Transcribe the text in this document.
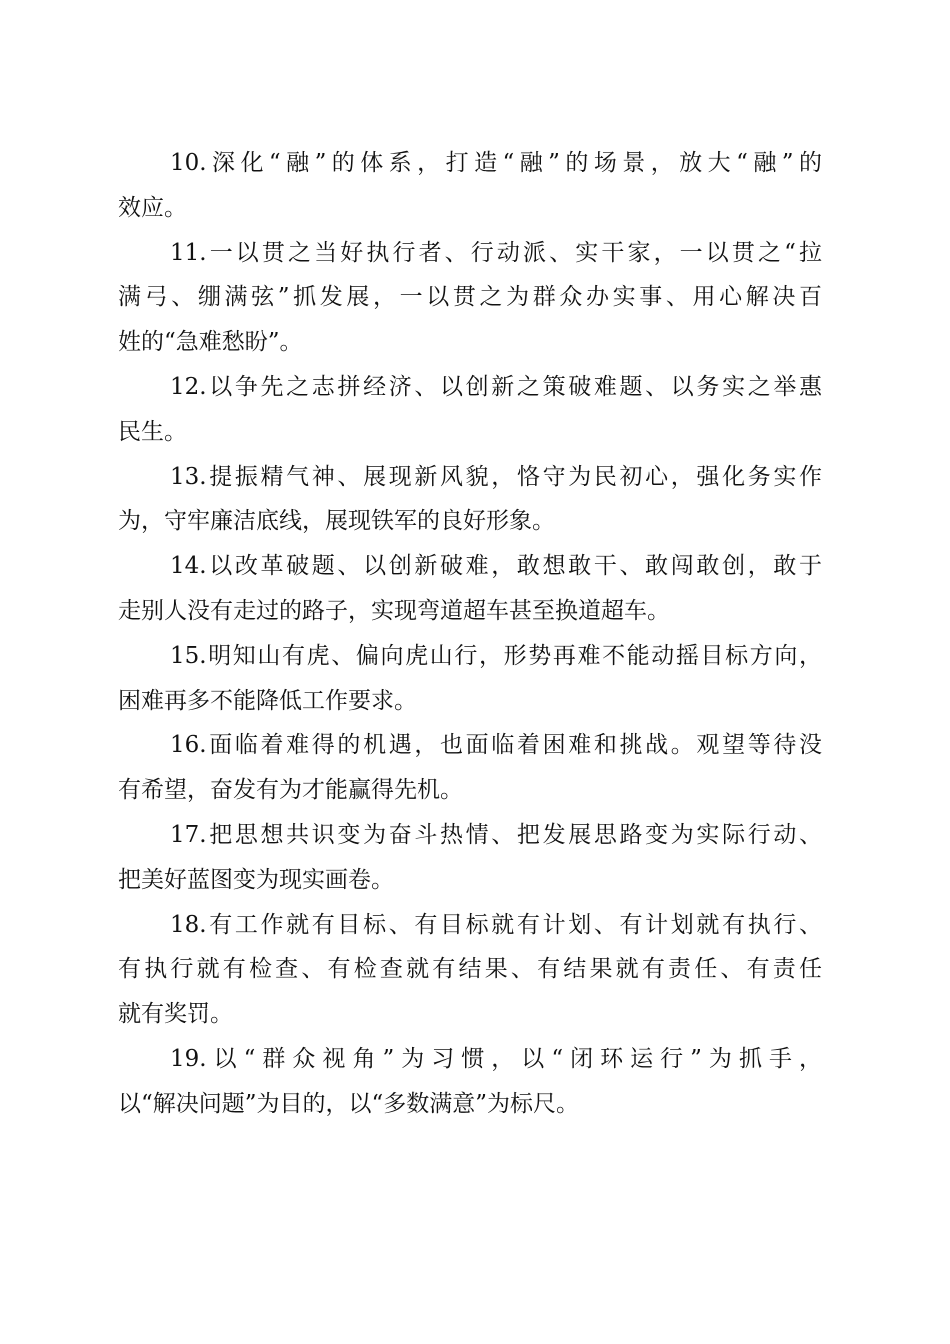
10.深化“融”的体系，打造“融”的场景，放大“融”的
效应。
11.一以贯之当好执行者、行动派、实干家，一以贯之“拉
满弓、绷满弦”抓发展，一以贯之为群众办实事、用心解决百
姓的“急难愁盼”。
12.以争先之志拼经济、以创新之策破难题、以务实之举惠
民生。
13.提振精气神、展现新风貌，恪守为民初心，强化务实作
为，守牢廉洁底线，展现铁军的良好形象。
14.以改革破题、以创新破难，敢想敢干、敢闯敢创，敢于
走别人没有走过的路子，实现弯道超车甚至换道超车。
15.明知山有虎、偏向虎山行，形势再难不能动摇目标方向，
困难再多不能降低工作要求。
16.面临着难得的机遇，也面临着困难和挑战。观望等待没
有希望，奋发有为才能赢得先机。
17.把思想共识变为奋斗热情、把发展思路变为实际行动、
把美好蓝图变为现实画卷。
18.有工作就有目标、有目标就有计划、有计划就有执行、
有执行就有检查、有检查就有结果、有结果就有责任、有责任
就有奖罚。
19.以“群众视角”为习惯，以“闭环运行”为抓手，
以“解决问题”为目的，以“多数满意”为标尺。
